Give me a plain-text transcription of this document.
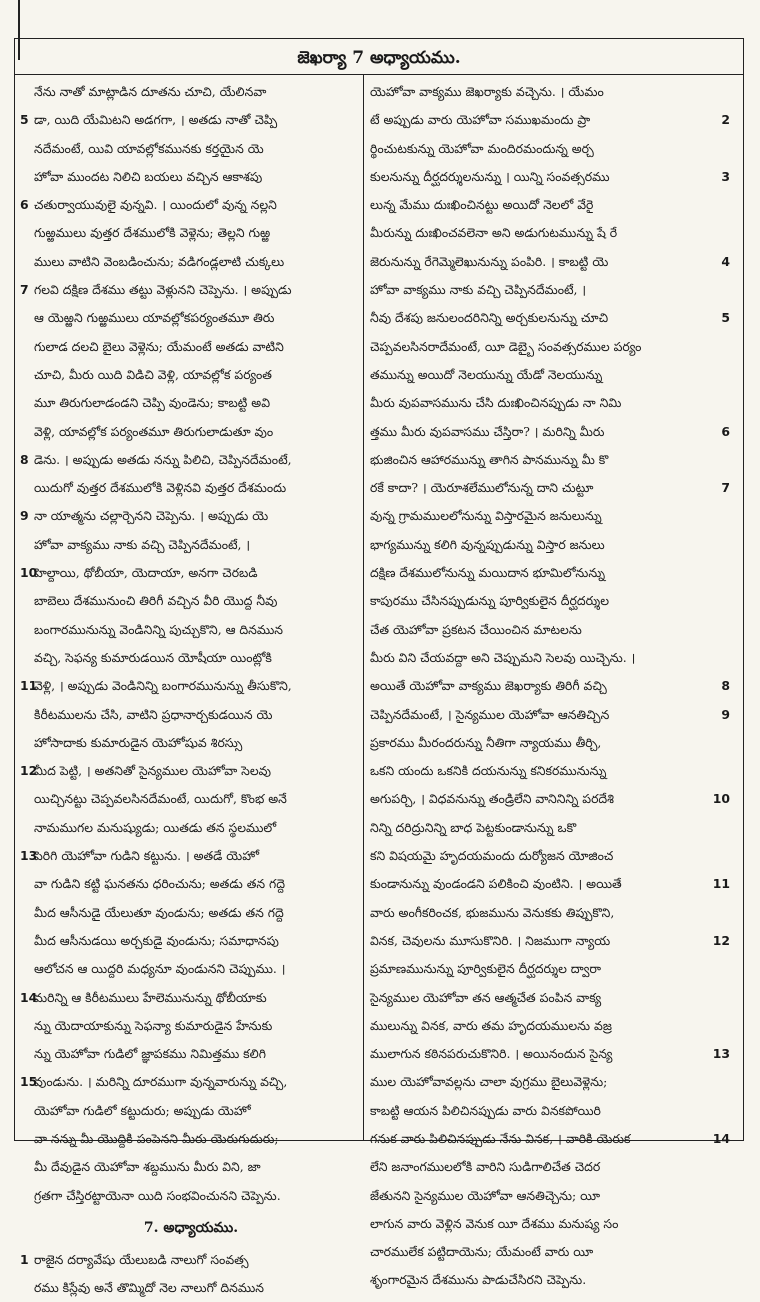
జెఖర్యా 7 అధ్యాయము.
నేను నాతో మాట్లాడిన దూతను చూచి, యేలినవా
5 డా, యిది యేమిటని అడగగా, । అతడు నాతో చెప్పి
నదేమంటే, యివి యావల్లోకమునకు కర్తయైన యె
హోవా ముందట నిలిచి బయలు వచ్చిన ఆకాశపు
6 చతుర్వాయువులై వున్నవి. । యిందులో వున్న నల్లని
గుఱ్ఱములు వుత్తర దేశములోకి వెళ్లెను; తెల్లని గుఱ్ఱ
ములు వాటిని వెంబడించును; వడిగండ్లలాటి చుక్కలు
7 గలవి దక్షిణ దేశము తట్టు వెళ్లునని చెప్పెను. । అప్పుడు
ఆ యెఱ్ఱని గుఱ్ఱములు యావల్లోకపర్యంతమూ తిరు
గులాడ దలచి బైలు వెళ్లెను; యేమంటే అతడు వాటిని
చూచి, మీరు యిది విడిచి వెళ్లి, యావల్లోక పర్యంత
మూ తిరుగులాడండని చెప్పి వుండెను; కాబట్టి అవి
వెళ్లి, యావల్లోక పర్యంతమూ తిరుగులాడుతూ వుం
8 డెను. । అప్పుడు అతడు నన్ను పిలిచి, చెప్పినదేమంటే,
యిదుగో వుత్తర దేశములోకి వెళ్లినవి వుత్తర దేశమందు
9 నా యాత్మను చల్లార్చెనని చెప్పెను. । అప్పుడు యె
హోవా వాక్యము నాకు వచ్చి చెప్పినదేమంటే, ।
10
హెల్దాయి, థోబీయా, యెదాయా, అనగా చెరబడి
బాబెలు దేశమునుంచి తిరిగీ వచ్చిన వీరి యొద్ద నీవు
బంగారమునున్ను వెండినిన్ని పుచ్చుకొని, ఆ దినమున
వచ్చి, సెఫన్య కుమారుడయిన యోషీయా యింట్లోకి
11
వెళ్లి, । అప్పుడు వెండినిన్ని బంగారమునున్ను తీసుకొని,
కిరీటములను చేసి, వాటిని ప్రధానార్చకుడయిన యె
హోసాదాకు కుమారుడైన యెహోషువ శిరస్సు
12
మీద పెట్టి, । అతనితో సైన్యముల యెహోవా సెలవు
యిచ్చినట్టు చెప్పవలసినదేమంటే, యిదుగో, కొంభ అనే
నామముగల మనుష్యుడు; యితడు తన స్థలములో
13
పెరిగి యెహోవా గుడిని కట్టును. । అతడే యెహో
వా గుడిని కట్టి ఘనతను ధరించును; అతడు తన గద్దె
మీద ఆసీనుడై యేలుతూ వుండును; అతడు తన గద్దె
మీద ఆసీనుడయి అర్చకుడై వుండును; సమాధానపు
ఆలోచన ఆ యిద్దరి మధ్యనూ వుండునని చెప్పుము. ।
14
మరిన్ని ఆ కిరీటములు హేలెమునున్ను థోబీయాకు
న్ను యెదాయాకున్ను సెఫన్యా కుమారుడైన హేనుకు
న్ను యెహోవా గుడిలో జ్ఞాపకము నిమిత్తము కలిగి
15
వుండును. । మరిన్ని దూరముగా వున్నవారున్ను వచ్చి,
యెహోవా గుడిలో కట్టుదురు; అప్పుడు యెహో
వా నన్ను మీ యొద్దికి పంపెనని మీరు యెరుగుదురు;
మీ దేవుడైన యెహోవా శబ్దమును మీరు విని, జా
గ్రతగా చేస్తిరట్టాయెనా యిది సంభవించునని చెప్పెను.
7. అధ్యాయము.
1 రాజైన దర్యావేషు యేలుబడి నాలుగో సంవత్స
రము కిస్లేవు అనే తొమ్మిదో నెల నాలుగో దినమున
యెహోవా వాక్యము జెఖర్యాకు వచ్చెను. । యేమం
2
టే అప్పుడు వారు యెహోవా సముఖమందు ప్రా
ర్థించుటకున్ను యెహోవా మందిరమందున్న అర్చ
3
కులనున్ను దీర్ఘదర్శులనున్ను । యిన్ని సంవత్సరము
లున్న మేము దుఃఖించినట్టు అయిదో నెలలో వేరై
మీరున్ను దుఃఖించవలెనా అని అడుగుటమున్ను షే రే
4
జెరునున్ను రేగెమ్మెలెఖునున్ను పంపిరి. । కాబట్టి యె
హోవా వాక్యము నాకు వచ్చి చెప్పినదేమంటే, ।
5
నీవు దేశపు జనులందరినిన్ని అర్చకులనున్ను చూచి
చెప్పవలసినరాదేమంటే, యీ డెబ్బై సంవత్సరముల పర్యం
తమున్ను అయిదో నెలయున్ను యేడో నెలయున్ను
మీరు వుపవాసమును చేసి దుఃఖించినప్పుడు నా నిమి
6
త్తము మీరు వుపవాసము చేస్తిరా? । మరిన్ని మీరు
భుజించిన ఆహారమున్ను తాగిన పానమున్ను మీ కొ
7
రకే కాదా? । యెరూశలేములోనున్న దాని చుట్టూ
వున్న గ్రామములలోనున్ను విస్తారమైన జనులున్ను
భాగ్యమున్ను కలిగి వున్నప్పుడున్ను విస్తార జనులు
దక్షిణ దేశములోనున్ను మయిదాన భూమిలోనున్ను
కాపురము చేసినప్పుడున్ను పూర్వికులైన దీర్ఘదర్శుల
చేత యెహోవా ప్రకటన చేయించిన మాటలను
మీరు విని చేయవద్దా అని చెప్పుమని సెలవు యిచ్చెను. ।
8
అయితే యెహోవా వాక్యము జెఖర్యాకు తిరిగీ వచ్చి
9
చెప్పినదేమంటే, । సైన్యముల యెహోవా ఆనతిచ్చిన
ప్రకారము మీరందరున్ను నీతిగా న్యాయము తీర్చి,
ఒకని యందు ఒకనికి దయనున్ను కనికరమునున్ను
10
అగుపర్చి, । విధవనున్ను తండ్రిలేని వానినిన్ని పరదేశి
నిన్ని దరిద్రునిన్ని బాధ పెట్టకుండానున్ను ఒకొ
కని విషయమై హృదయమందు దుర్యోజన యోజించ
11
కుండానున్ను వుండండని పలికించి వుంటిని. । అయితే
వారు అంగీకరించక, భుజమును వెనుకకు తిప్పుకొని,
12
వినక, చెవులను మూసుకొనిరి. । నిజముగా న్యాయ
ప్రమాణమునున్ను పూర్వికులైన దీర్ఘదర్శుల ద్వారా
సైన్యముల యెహోవా తన ఆత్మచేత పంపిన వాక్య
ములున్ను వినక, వారు తమ హృదయములను వజ్ర
13
ములాగున కఠినపరుచుకొనిరి. । అయినందున సైన్య
ముల యెహోవావల్లను చాలా వుగ్రము బైలువెళ్లెను;
కాబట్టి ఆయన పిలిచినప్పుడు వారు వినకపోయిరి
14
గనుక వారు పిలిచినప్పుడు నేను వినక, । వారికి యెరుక
లేని జనాంగములలోకి వారిని సుడిగాలిచేత చెదర
జేతునని సైన్యముల యెహోవా ఆనతిచ్చెను; యీ
లాగున వారు వెళ్లిన వెనుక యీ దేశము మనుష్య సం
చారములేక పట్టిదాయెను; యేమంటే వారు యీ
శృంగారమైన దేశమును పాడుచేసిరని చెప్పెను.
